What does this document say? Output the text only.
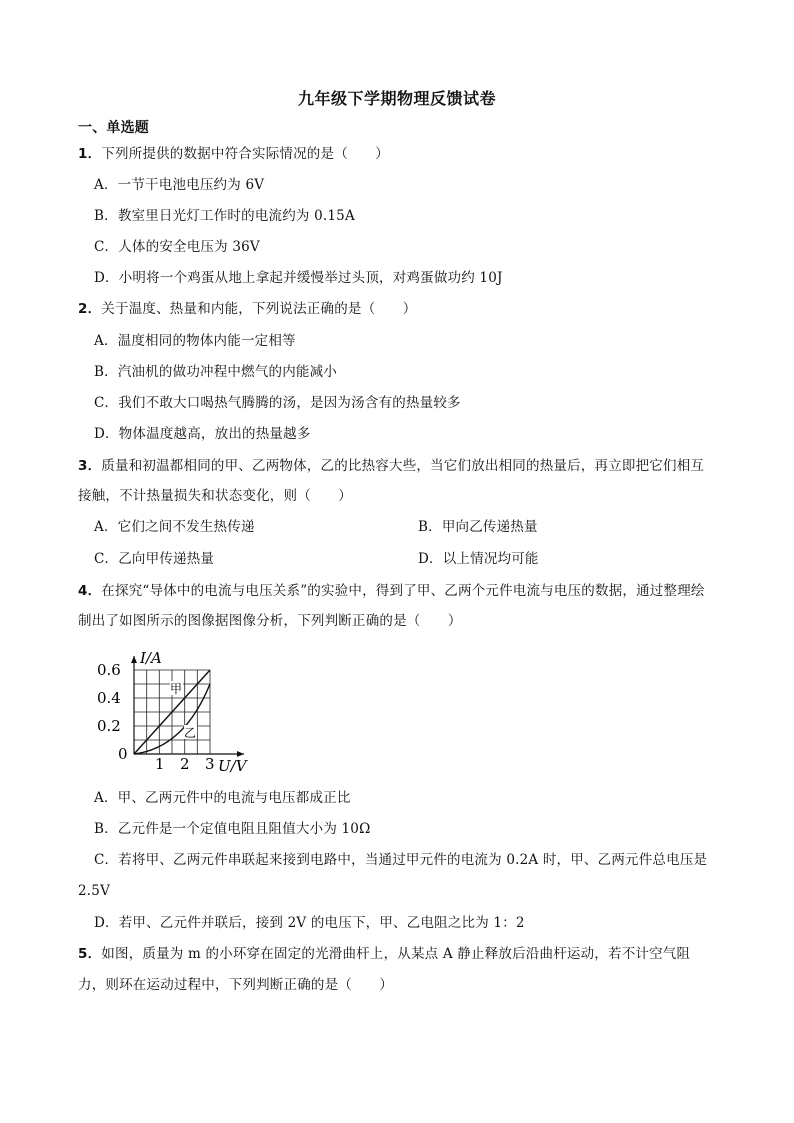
九年级下学期物理反馈试卷
一、单选题
1．下列所提供的数据中符合实际情况的是（　　）
A．一节干电池电压约为 6V
B．教室里日光灯工作时的电流约为 0.15A
C．人体的安全电压为 36V
D．小明将一个鸡蛋从地上拿起并缓慢举过头顶，对鸡蛋做功约 10J
2．关于温度、热量和内能，下列说法正确的是（　　）
A．温度相同的物体内能一定相等
B．汽油机的做功冲程中燃气的内能减小
C．我们不敢大口喝热气腾腾的汤，是因为汤含有的热量较多
D．物体温度越高，放出的热量越多
3．质量和初温都相同的甲、乙两物体，乙的比热容大些，当它们放出相同的热量后，再立即把它们相互
接触，不计热量损失和状态变化，则（　　）
A．它们之间不发生热传递	B．甲向乙传递热量
C．乙向甲传递热量	D．以上情况均可能
4．在探究“导体中的电流与电压关系”的实验中，得到了甲、乙两个元件电流与电压的数据，通过整理绘
制出了如图所示的图像据图像分析，下列判断正确的是（　　）
I/A
U/V
0.6
0.4
0.2
0
1 2 3
甲
乙
A．甲、乙两元件中的电流与电压都成正比
B．乙元件是一个定值电阻且阻值大小为 10Ω
C．若将甲、乙两元件串联起来接到电路中，当通过甲元件的电流为 0.2A 时，甲、乙两元件总电压是
2.5V
D．若甲、乙元件并联后，接到 2V 的电压下，甲、乙电阻之比为 1：2
5．如图，质量为 m 的小环穿在固定的光滑曲杆上，从某点 A 静止释放后沿曲杆运动，若不计空气阻
力，则环在运动过程中，下列判断正确的是（　　）
